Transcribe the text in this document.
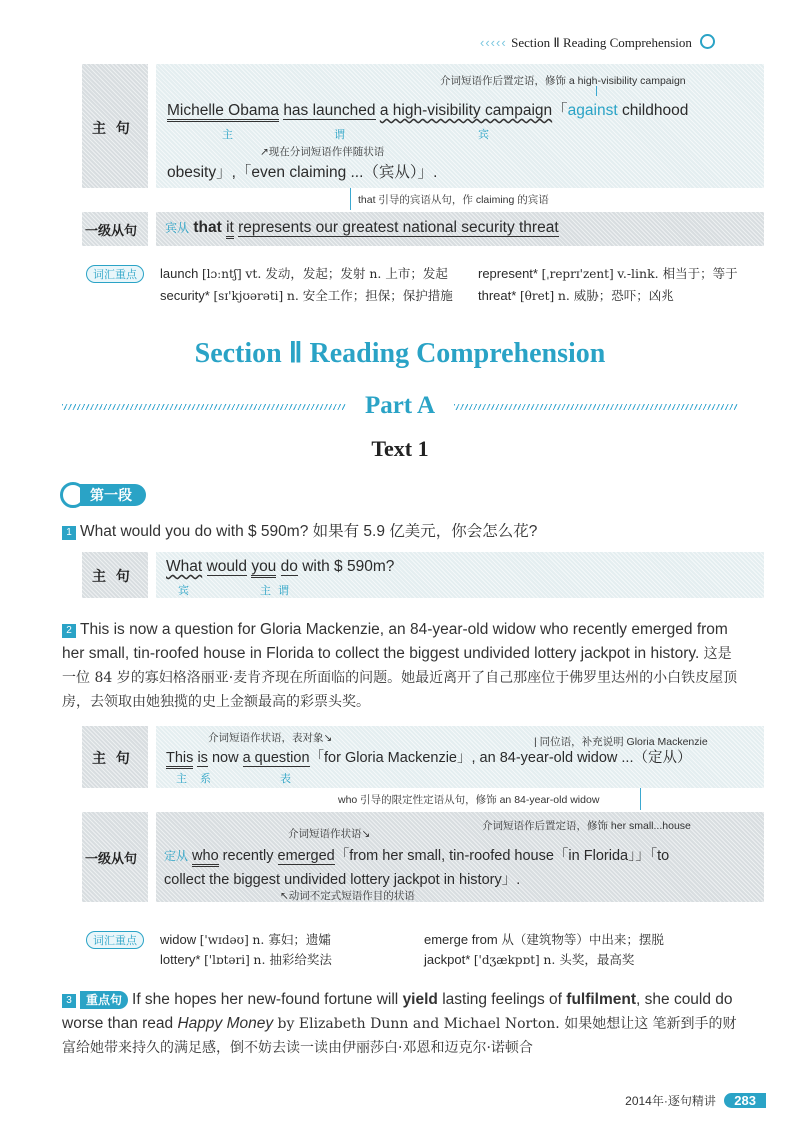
‹‹‹‹‹ Section Ⅱ Reading Comprehension
主  句
介词短语作后置定语，修饰 a high-visibility campaign
Michelle Obama has launched a high-visibility campaign「against childhood
主	谓	宾
↗现在分词短语作伴随状语
obesity」,「even claiming ...（宾从）」.
that 引导的宾语从句，作 claiming 的宾语
一级从句 宾从 that it represents our greatest national security threat
词汇重点	launch [lɔːntʃ] vt. 发动，发起；发射 n. 上市；发起 represent* [ˌreprɪ'zent] v.-link. 相当于；等于
security* [sɪ'kjʊərəti] n. 安全工作；担保；保护措施 threat* [θret] n. 威胁；恐吓；凶兆
Section Ⅱ Reading Comprehension
Part A
Text 1
第一段
1 What would you do with $ 590m? 如果有 5.9 亿美元，你会怎么花?
主  句
What would you do with $ 590m?
宾	主 谓
2 This is now a question for Gloria Mackenzie, an 84-year-old widow who recently emerged from her small, tin-roofed house in Florida to collect the biggest undivided lottery jackpot in history. 这是一位 84 岁的寡妇格洛丽亚·麦肯齐现在所面临的问题。她最近离开了自己那座位于佛罗里达州的小白铁皮屋顶房，去领取由她独揽的史上金额最高的彩票头奖。
主  句
介词短语作状语，表对象↘	| 同位语，补充说明 Gloria Mackenzie
This is now a question「for Gloria Mackenzie」, an 84-year-old widow ...（定从）
主 系	表
who 引导的限定性定语从句，修饰 an 84-year-old widow
一级从句
介词短语作后置定语，修饰 her small...house
介词短语作状语↘
定从 who recently emerged「from her small, tin-roofed house「in Florida」」「to
collect the biggest undivided lottery jackpot in history」.
↖动词不定式短语作目的状语
词汇重点	widow ['wɪdəʊ] n. 寡妇；遗孀	emerge from 从（建筑物等）中出来；摆脱
lottery* ['lɒtəri] n. 抽彩给奖法	jackpot* ['dʒækpɒt] n. 头奖，最高奖
3 重点句 If she hopes her new-found fortune will yield lasting feelings of fulfilment, she could do worse than read Happy Money by Elizabeth Dunn and Michael Norton. 如果她想让这 笔新到手的财富给她带来持久的满足感，倒不妨去读一读由伊丽莎白·邓恩和迈克尔·诺顿合
2014年·逐句精讲 283
